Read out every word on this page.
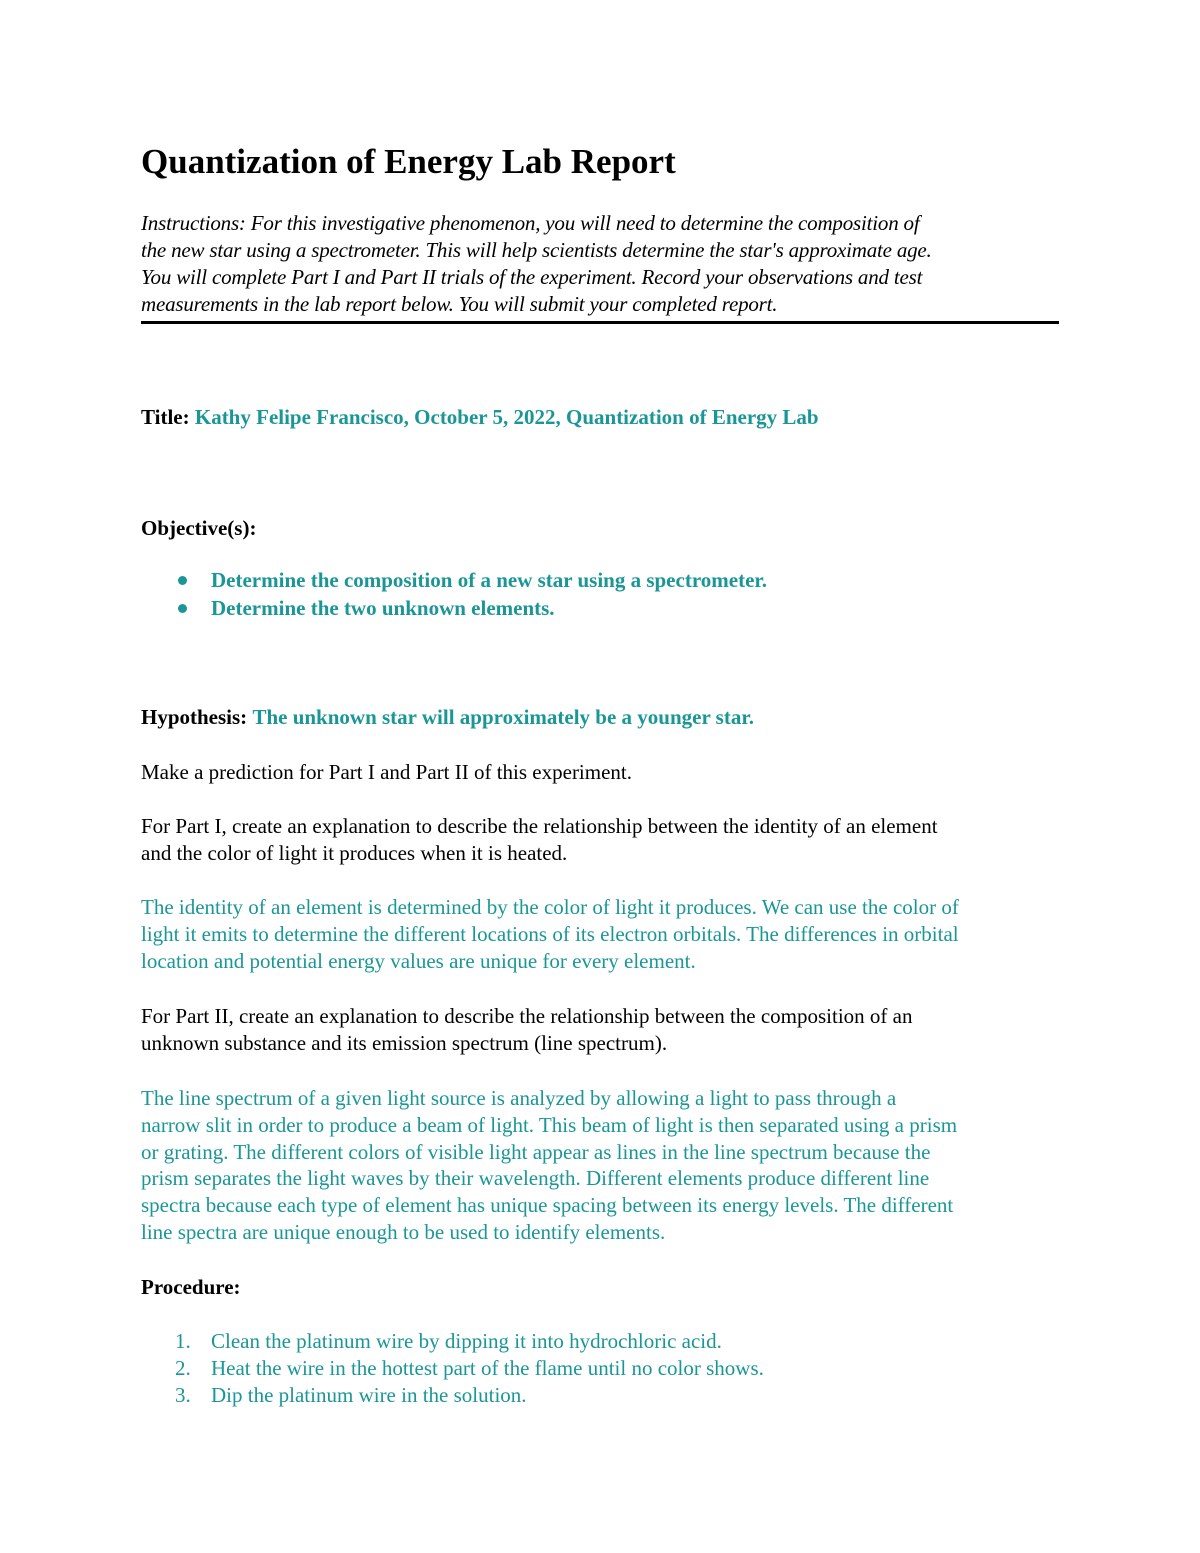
Quantization of Energy Lab Report
Instructions: For this investigative phenomenon, you will need to determine the composition of
the new star using a spectrometer. This will help scientists determine the star's approximate age.
You will complete Part I and Part II trials of the experiment. Record your observations and test
measurements in the lab report below. You will submit your completed report.
Title: Kathy Felipe Francisco, October 5, 2022, Quantization of Energy Lab
Objective(s):
Determine the composition of a new star using a spectrometer.
Determine the two unknown elements.
Hypothesis: The unknown star will approximately be a younger star.
Make a prediction for Part I and Part II of this experiment.
For Part I, create an explanation to describe the relationship between the identity of an element
and the color of light it produces when it is heated.
The identity of an element is determined by the color of light it produces. We can use the color of
light it emits to determine the different locations of its electron orbitals. The differences in orbital
location and potential energy values are unique for every element.
For Part II, create an explanation to describe the relationship between the composition of an
unknown substance and its emission spectrum (line spectrum).
The line spectrum of a given light source is analyzed by allowing a light to pass through a
narrow slit in order to produce a beam of light. This beam of light is then separated using a prism
or grating. The different colors of visible light appear as lines in the line spectrum because the
prism separates the light waves by their wavelength. Different elements produce different line
spectra because each type of element has unique spacing between its energy levels. The different
line spectra are unique enough to be used to identify elements.
Procedure:
1. Clean the platinum wire by dipping it into hydrochloric acid.
2. Heat the wire in the hottest part of the flame until no color shows.
3. Dip the platinum wire in the solution.
